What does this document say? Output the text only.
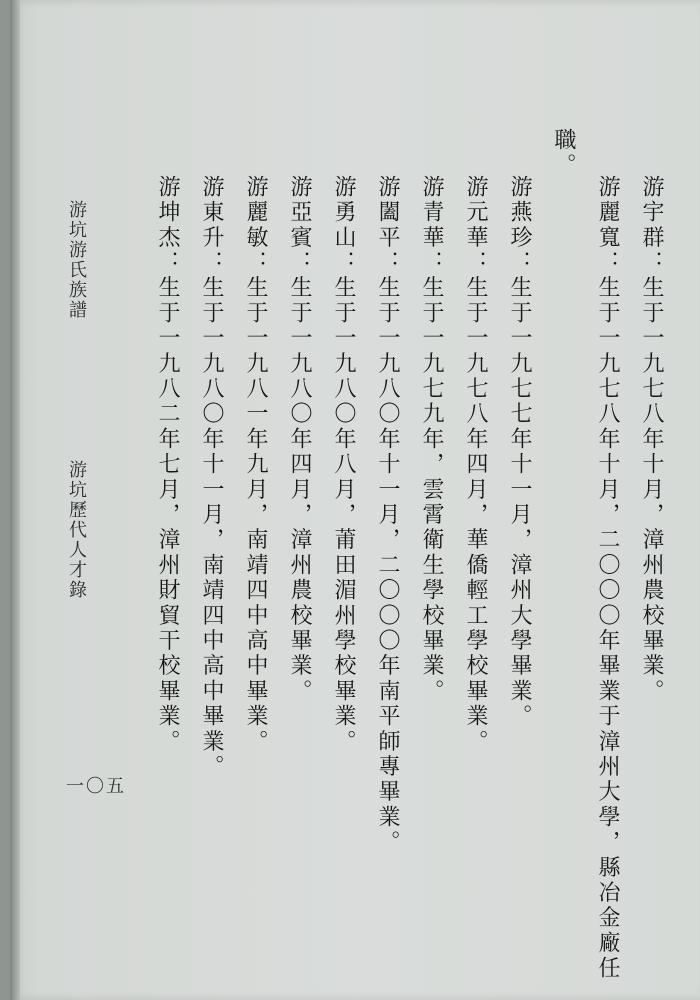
游宇群：生于一九七八年十月，漳州農校畢業。
游麗寬：生于一九七八年十月，二〇〇〇年畢業于漳州大學，縣冶金廠任
職。
游燕珍：生于一九七七年十一月，漳州大學畢業。
游元華：生于一九七八年四月，華僑輕工學校畢業。
游青華：生于一九七九年，雲霄衛生學校畢業。
游闔平：生于一九八〇年十一月，二〇〇〇年南平師專畢業。
游勇山：生于一九八〇年八月，莆田湄州學校畢業。
游亞賓：生于一九八〇年四月，漳州農校畢業。
游麗敏：生于一九八一年九月，南靖四中高中畢業。
游東升：生于一九八〇年十一月，南靖四中高中畢業。
游坤杰：生于一九八二年七月，漳州財貿干校畢業。
游坑游氏族譜
游坑歷代人才錄
一〇五
